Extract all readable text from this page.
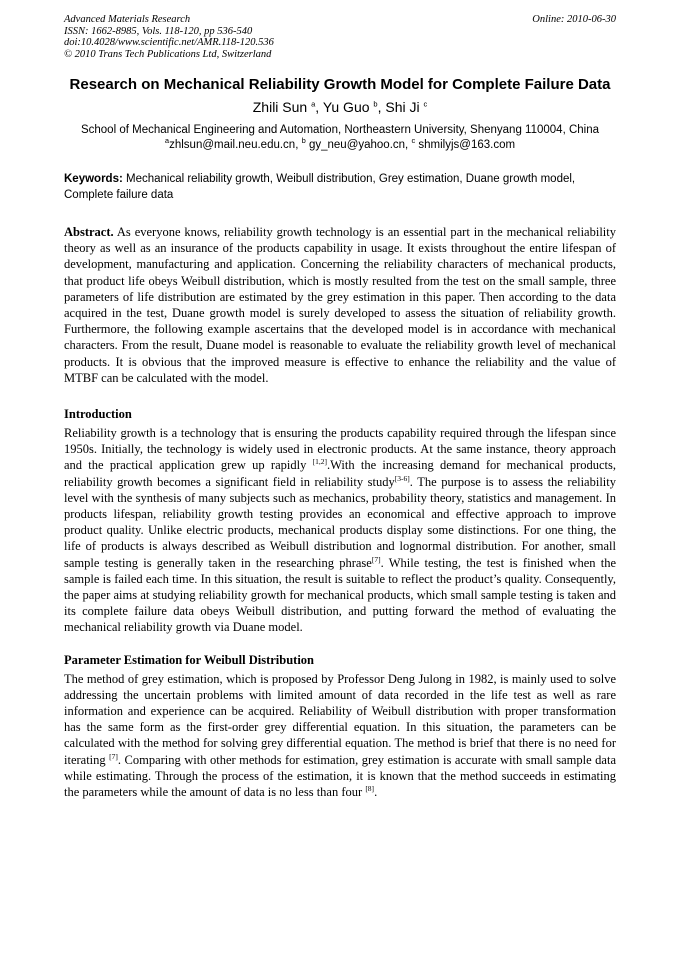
Advanced Materials Research
ISSN: 1662-8985, Vols. 118-120, pp 536-540
doi:10.4028/www.scientific.net/AMR.118-120.536
© 2010 Trans Tech Publications Ltd, Switzerland
Online: 2010-06-30
Research on Mechanical Reliability Growth Model for Complete Failure Data
Zhili Sun $^a$, Yu Guo $^b$, Shi Ji $^c$
School of Mechanical Engineering and Automation, Northeastern University, Shenyang 110004, China
$^a$zhlsun@mail.neu.edu.cn, $^b$ gy_neu@yahoo.cn, $^c$ shmilyjs@163.com
Keywords: Mechanical reliability growth, Weibull distribution, Grey estimation, Duane growth model, Complete failure data

Abstract. As everyone knows, reliability growth technology is an essential part in the mechanical reliability theory as well as an insurance of the products capability in usage. It exists throughout the entire lifespan of development, manufacturing and application. Concerning the reliability characters of mechanical products, that product life obeys Weibull distribution, which is mostly resulted from the test on the small sample, three parameters of life distribution are estimated by the grey estimation in this paper. Then according to the data acquired in the test, Duane growth model is surely developed to assess the situation of reliability growth. Furthermore, the following example ascertains that the developed model is in accordance with mechanical characters. From the result, Duane model is reasonable to evaluate the reliability growth level of mechanical products. It is obvious that the improved measure is effective to enhance the reliability and the value of MTBF can be calculated with the model.

Introduction

Reliability growth is a technology that is ensuring the products capability required through the lifespan since 1950s. Initially, the technology is widely used in electronic products. At the same instance, theory approach and the practical application grew up rapidly [1,2].With the increasing demand for mechanical products, reliability growth becomes a significant field in reliability study[3-6]. The purpose is to assess the reliability level with the synthesis of many subjects such as mechanics, probability theory, statistics and management. In products lifespan, reliability growth testing provides an economical and effective approach to improve product quality. Unlike electric products, mechanical products display some distinctions. For one thing, the life of products is always described as Weibull distribution and lognormal distribution. For another, small sample testing is generally taken in the researching phrase[7]. While testing, the test is finished when the sample is failed each time. In this situation, the result is suitable to reflect the product’s quality. Consequently, the paper aims at studying reliability growth for mechanical products, which small sample testing is taken and its complete failure data obeys Weibull distribution, and putting forward the method of evaluating the mechanical reliability growth via Duane model.

Parameter Estimation for Weibull Distribution

The method of grey estimation, which is proposed by Professor Deng Julong in 1982, is mainly used to solve addressing the uncertain problems with limited amount of data recorded in the life test as well as rare information and experience can be acquired. Reliability of Weibull distribution with proper transformation has the same form as the first-order grey differential equation. In this situation, the parameters can be calculated with the method for solving grey differential equation. The method is brief that there is no need for iterating [7]. Comparing with other methods for estimation, grey estimation is accurate with small sample data while estimating. Through the process of the estimation, it is known that the method succeeds in estimating the parameters while the amount of data is no less than four [8].
